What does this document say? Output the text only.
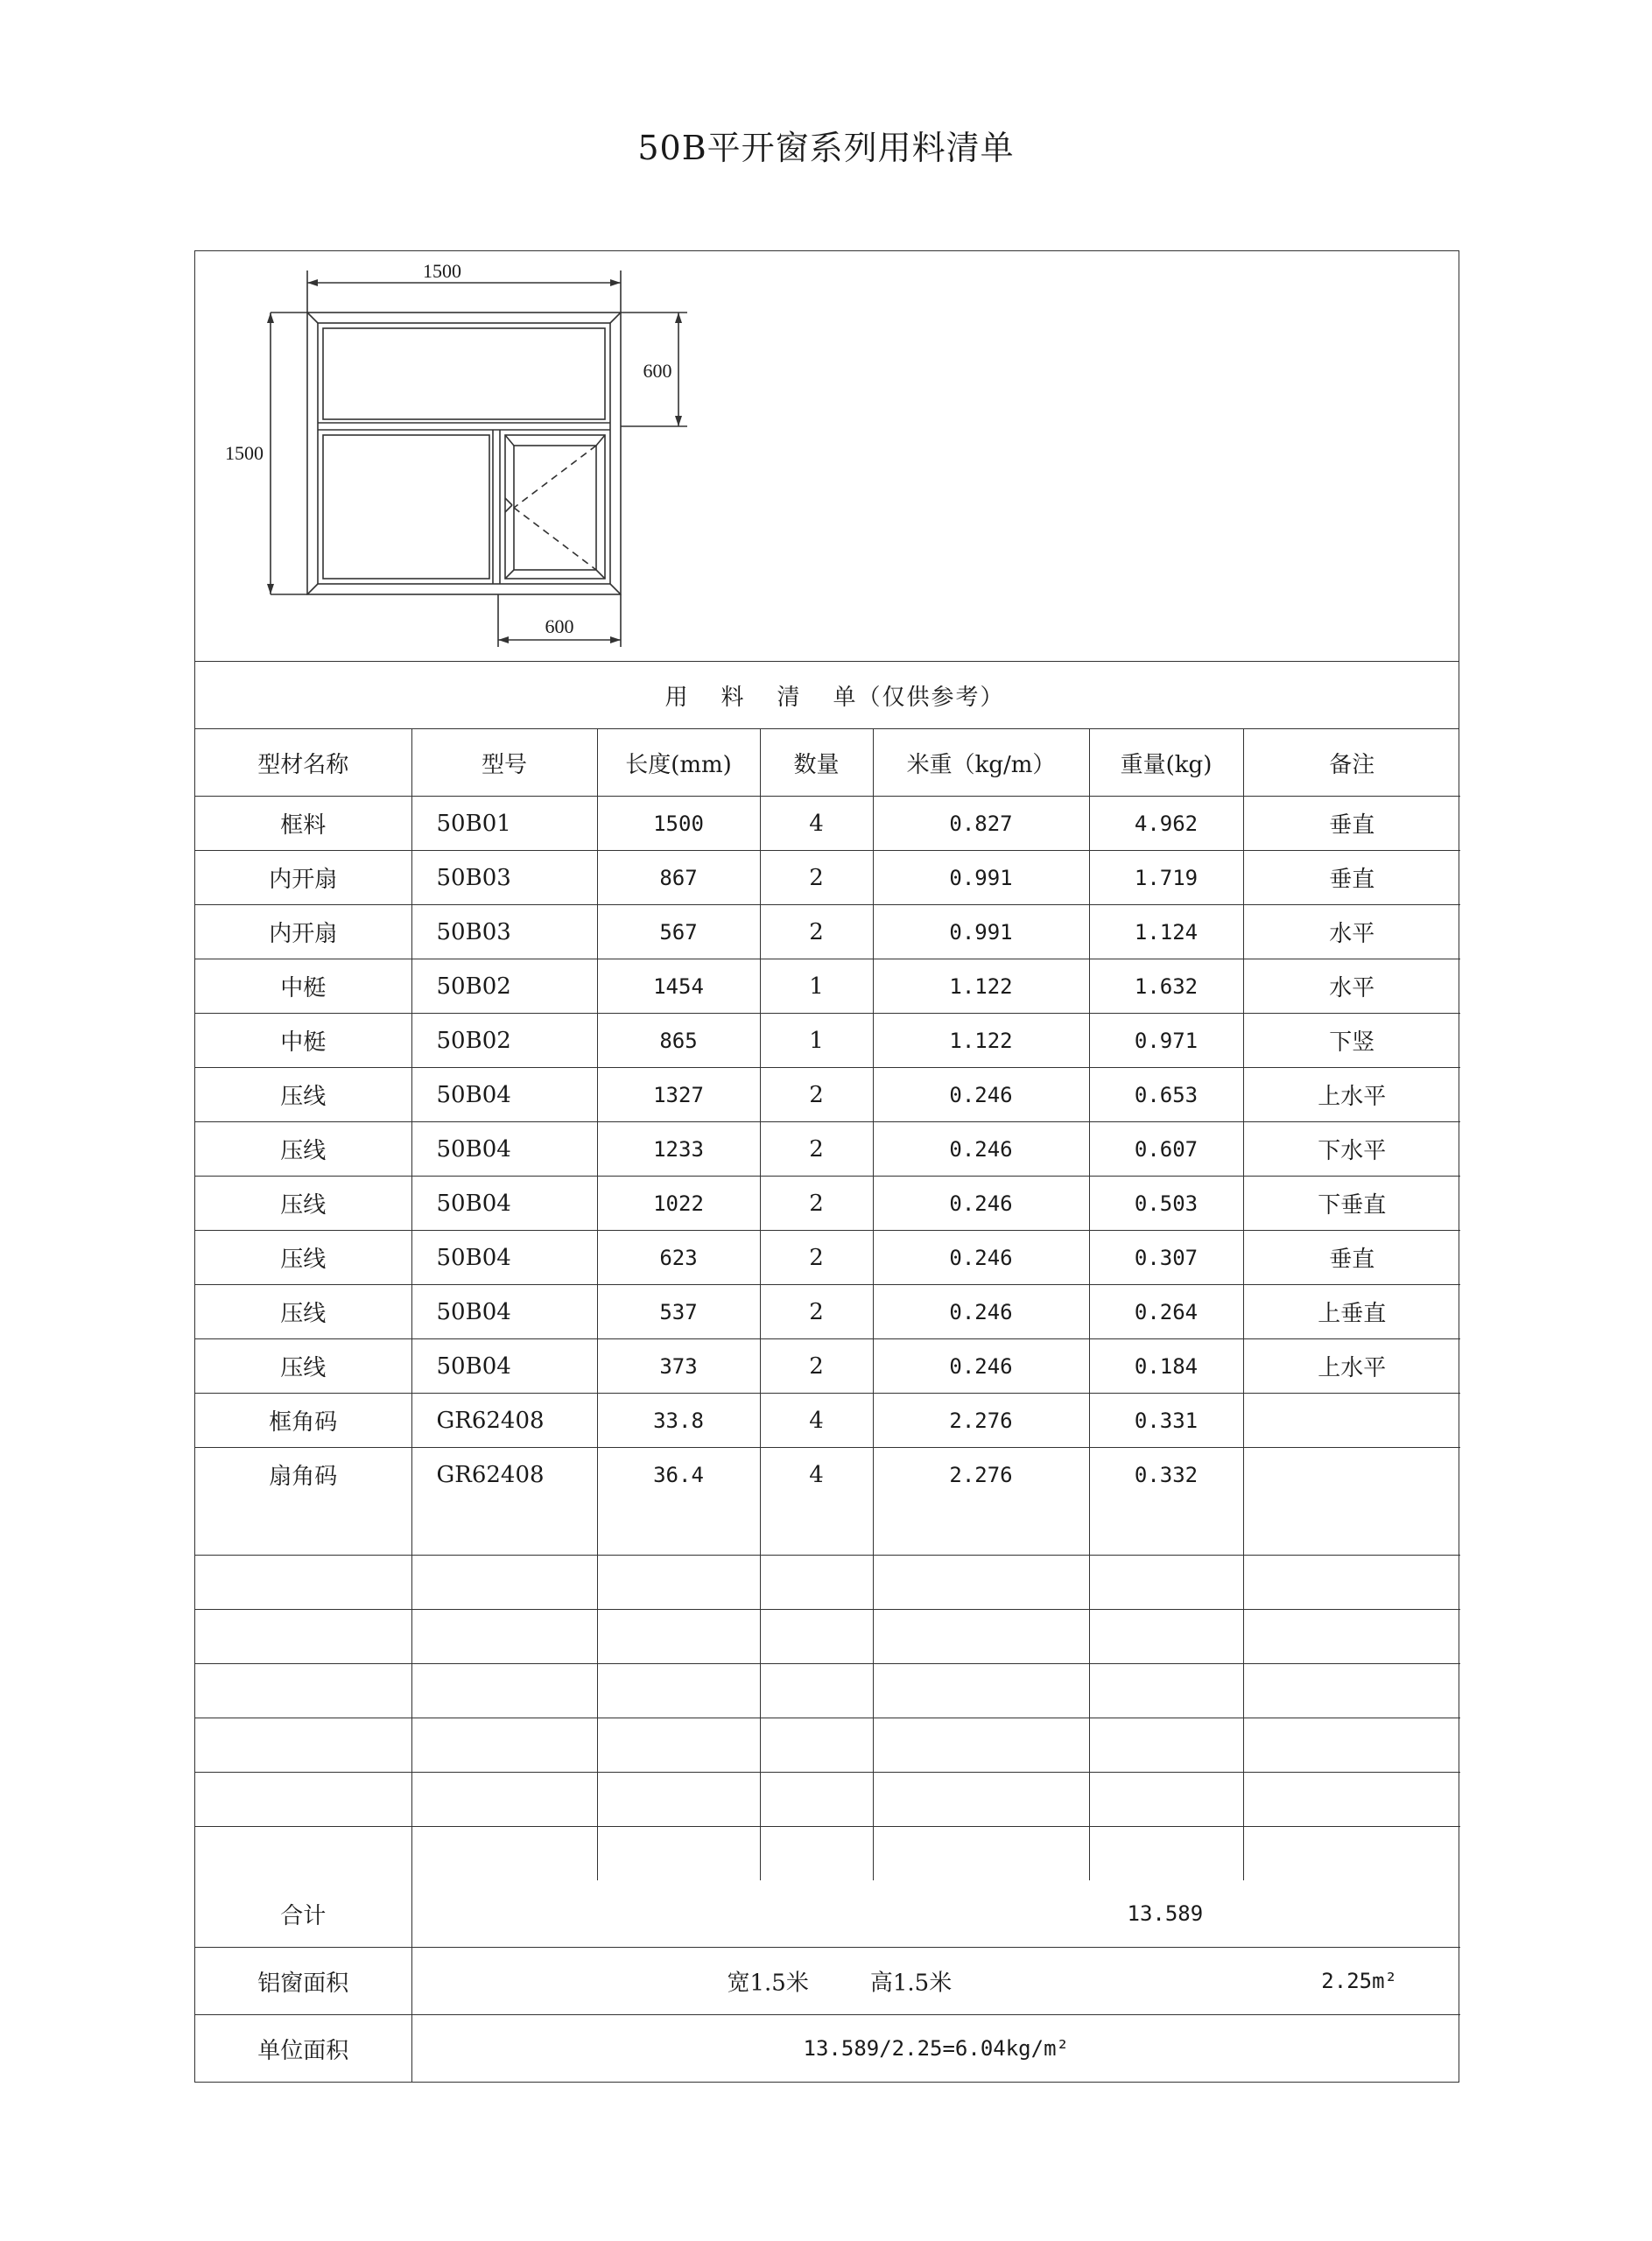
50B平开窗系列用料清单
1500
1500
600
600
用 料 清 单 （仅供参考）
型材名称	型号	长度(mm)	数量	米重（kg/m）	重量(kg)	备注
框料	50B01	1500	4	0.827	4.962	垂直
内开扇	50B03	867	2	0.991	1.719	垂直
内开扇	50B03	567	2	0.991	1.124	水平
中梃	50B02	1454	1	1.122	1.632	水平
中梃	50B02	865	1	1.122	0.971	下竖
压线	50B04	1327	2	0.246	0.653	上水平
压线	50B04	1233	2	0.246	0.607	下水平
压线	50B04	1022	2	0.246	0.503	下垂直
压线	50B04	623	2	0.246	0.307	垂直
压线	50B04	537	2	0.246	0.264	上垂直
压线	50B04	373	2	0.246	0.184	上水平
框角码	GR62408	33.8	4	2.276	0.331	
扇角码	GR62408	36.4	4	2.276	0.332	

合计	13.589					
铝窗面积	宽1.5米 高1.5米 2.25m²					

单位面积	13.589/2.25=6.04kg/m²					
